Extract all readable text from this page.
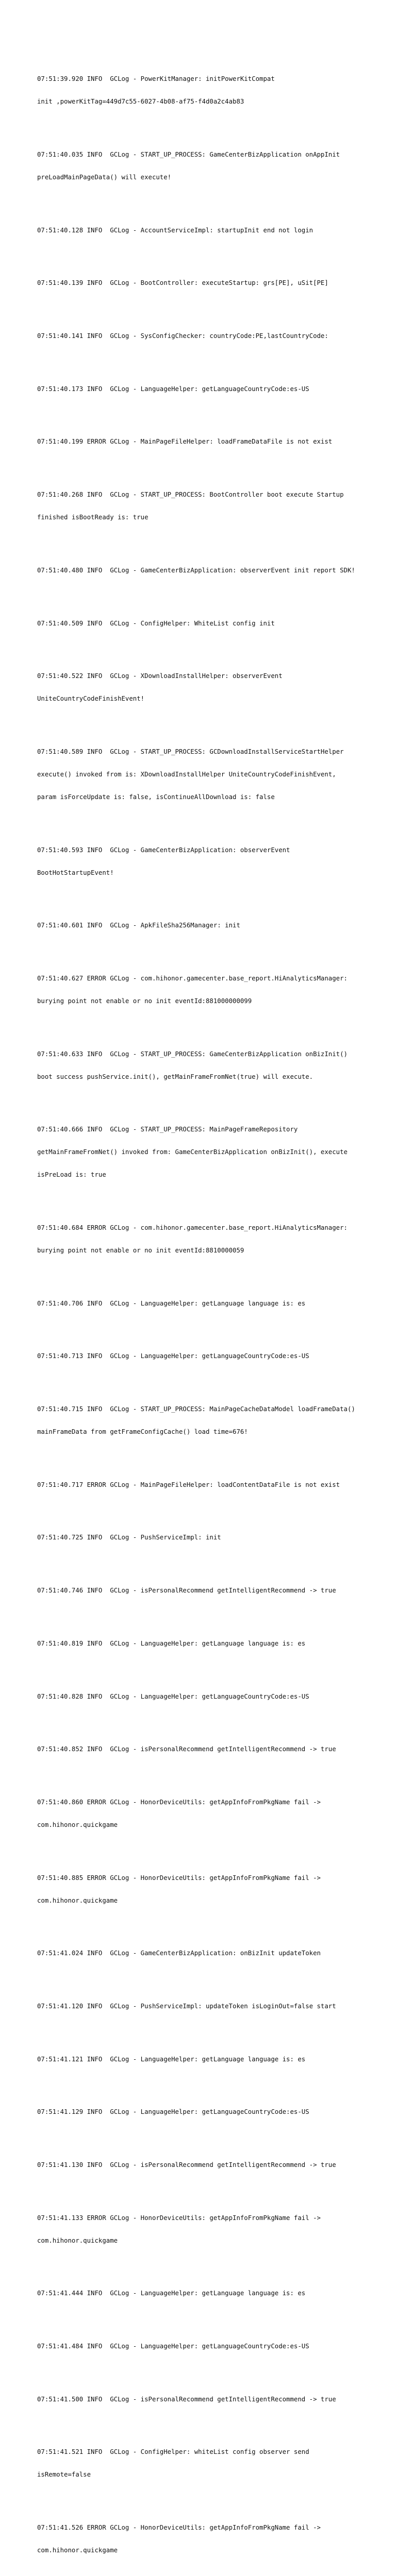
07:51:39.920 INFO  GCLog - PowerKitManager: initPowerKitCompat

init ,powerKitTag=449d7c55-6027-4b08-af75-f4d0a2c4ab83

07:51:40.035 INFO  GCLog - START_UP_PROCESS: GameCenterBizApplication onAppInit

preLoadMainPageData() will execute!

07:51:40.128 INFO  GCLog - AccountServiceImpl: startupInit end not login

07:51:40.139 INFO  GCLog - BootController: executeStartup: grs[PE], uSit[PE]

07:51:40.141 INFO  GCLog - SysConfigChecker: countryCode:PE,lastCountryCode:

07:51:40.173 INFO  GCLog - LanguageHelper: getLanguageCountryCode:es-US

07:51:40.199 ERROR GCLog - MainPageFileHelper: loadFrameDataFile is not exist

07:51:40.268 INFO  GCLog - START_UP_PROCESS: BootController boot execute Startup

finished isBootReady is: true

07:51:40.480 INFO  GCLog - GameCenterBizApplication: observerEvent init report SDK!

07:51:40.509 INFO  GCLog - ConfigHelper: WhiteList config init

07:51:40.522 INFO  GCLog - XDownloadInstallHelper: observerEvent

UniteCountryCodeFinishEvent!

07:51:40.589 INFO  GCLog - START_UP_PROCESS: GCDownloadInstallServiceStartHelper

execute() invoked from is: XDownloadInstallHelper UniteCountryCodeFinishEvent,

param isForceUpdate is: false, isContinueAllDownload is: false

07:51:40.593 INFO  GCLog - GameCenterBizApplication: observerEvent

BootHotStartupEvent!

07:51:40.601 INFO  GCLog - ApkFileSha256Manager: init

07:51:40.627 ERROR GCLog - com.hihonor.gamecenter.base_report.HiAnalyticsManager:

burying point not enable or no init eventId:881000000099

07:51:40.633 INFO  GCLog - START_UP_PROCESS: GameCenterBizApplication onBizInit()

boot success pushService.init(), getMainFrameFromNet(true) will execute.

07:51:40.666 INFO  GCLog - START_UP_PROCESS: MainPageFrameRepository

getMainFrameFromNet() invoked from: GameCenterBizApplication onBizInit(), execute

isPreLoad is: true

07:51:40.684 ERROR GCLog - com.hihonor.gamecenter.base_report.HiAnalyticsManager:

burying point not enable or no init eventId:8810000059

07:51:40.706 INFO  GCLog - LanguageHelper: getLanguage language is: es

07:51:40.713 INFO  GCLog - LanguageHelper: getLanguageCountryCode:es-US

07:51:40.715 INFO  GCLog - START_UP_PROCESS: MainPageCacheDataModel loadFrameData()

mainFrameData from getFrameConfigCache() load time=676!

07:51:40.717 ERROR GCLog - MainPageFileHelper: loadContentDataFile is not exist

07:51:40.725 INFO  GCLog - PushServiceImpl: init

07:51:40.746 INFO  GCLog - isPersonalRecommend getIntelligentRecommend -> true

07:51:40.819 INFO  GCLog - LanguageHelper: getLanguage language is: es

07:51:40.828 INFO  GCLog - LanguageHelper: getLanguageCountryCode:es-US

07:51:40.852 INFO  GCLog - isPersonalRecommend getIntelligentRecommend -> true

07:51:40.860 ERROR GCLog - HonorDeviceUtils: getAppInfoFromPkgName fail ->

com.hihonor.quickgame

07:51:40.885 ERROR GCLog - HonorDeviceUtils: getAppInfoFromPkgName fail ->

com.hihonor.quickgame

07:51:41.024 INFO  GCLog - GameCenterBizApplication: onBizInit updateToken

07:51:41.120 INFO  GCLog - PushServiceImpl: updateToken isLoginOut=false start

07:51:41.121 INFO  GCLog - LanguageHelper: getLanguage language is: es

07:51:41.129 INFO  GCLog - LanguageHelper: getLanguageCountryCode:es-US

07:51:41.130 INFO  GCLog - isPersonalRecommend getIntelligentRecommend -> true

07:51:41.133 ERROR GCLog - HonorDeviceUtils: getAppInfoFromPkgName fail ->

com.hihonor.quickgame

07:51:41.444 INFO  GCLog - LanguageHelper: getLanguage language is: es

07:51:41.484 INFO  GCLog - LanguageHelper: getLanguageCountryCode:es-US

07:51:41.500 INFO  GCLog - isPersonalRecommend getIntelligentRecommend -> true

07:51:41.521 INFO  GCLog - ConfigHelper: whiteList config observer send

isRemote=false

07:51:41.526 ERROR GCLog - HonorDeviceUtils: getAppInfoFromPkgName fail ->

com.hihonor.quickgame
